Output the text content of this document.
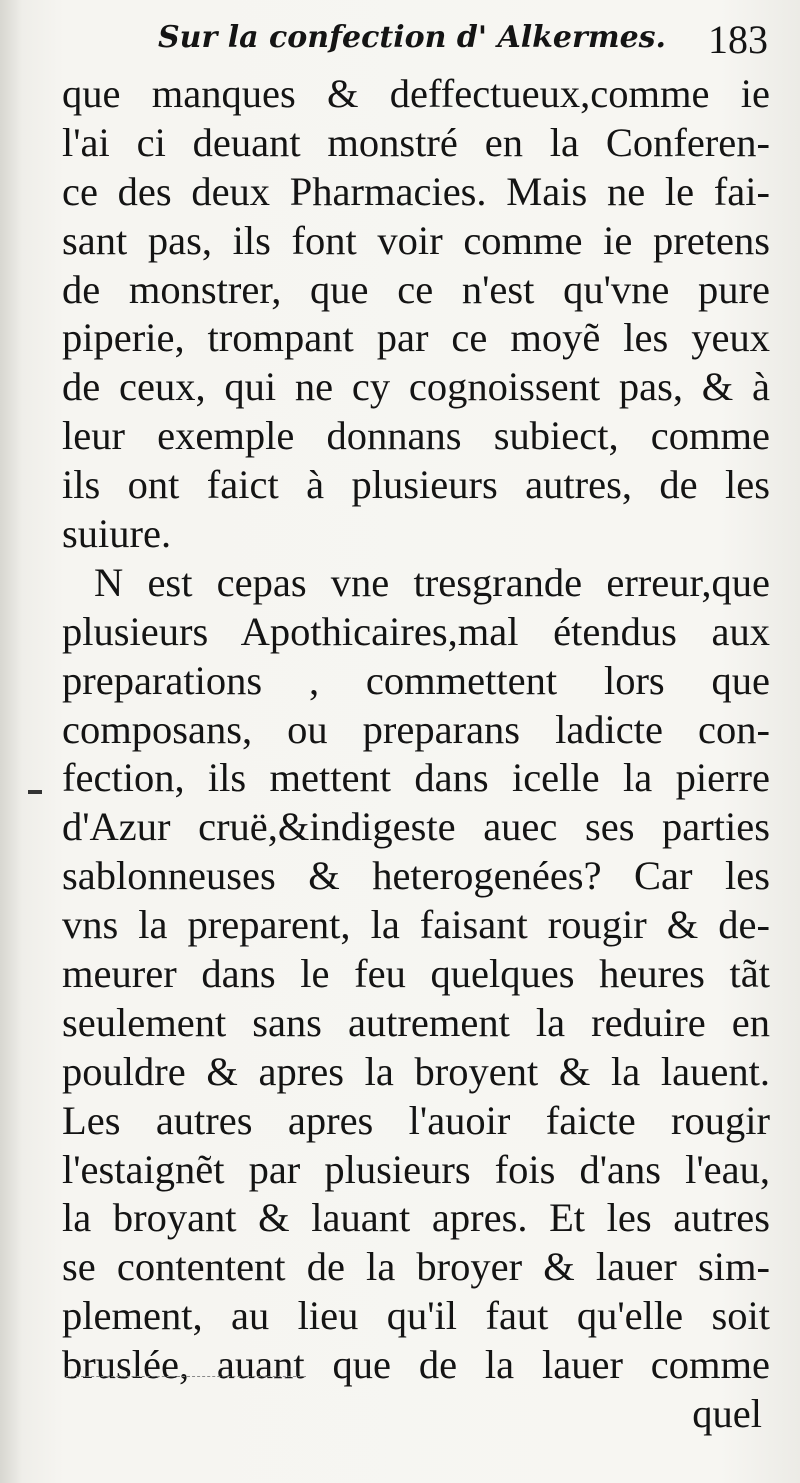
Sur la confection d' Alkermes. 183
que manques & deffectueux,comme ie
l'ai ci deuant monstré en la Conferen-
ce des deux Pharmacies. Mais ne le fai-
sant pas, ils font voir comme ie pretens
de monstrer, que ce n'est qu'vne pure
piperie, trompant par ce moyẽ les yeux
de ceux, qui ne cy cognoissent pas, & à
leur exemple donnans subiect, comme
ils ont faict à plusieurs autres, de les
suiure.
N est cepas vne tresgrande erreur,que
plusieurs Apothicaires,mal étendus aux
preparations , commettent lors que
composans, ou preparans ladicte con-
fection, ils mettent dans icelle la pierre
d'Azur cruë,&indigeste auec ses parties
sablonneuses & heterogenées? Car les
vns la preparent, la faisant rougir & de-
meurer dans le feu quelques heures tãt
seulement sans autrement la reduire en
pouldre & apres la broyent & la lauent.
Les autres apres l'auoir faicte rougir
l'estaignẽt par plusieurs fois d'ans l'eau,
la broyant & lauant apres. Et les autres
se contentent de la broyer & lauer sim-
plement, au lieu qu'il faut qu'elle soit
bruslée, auant que de la lauer comme
quel
